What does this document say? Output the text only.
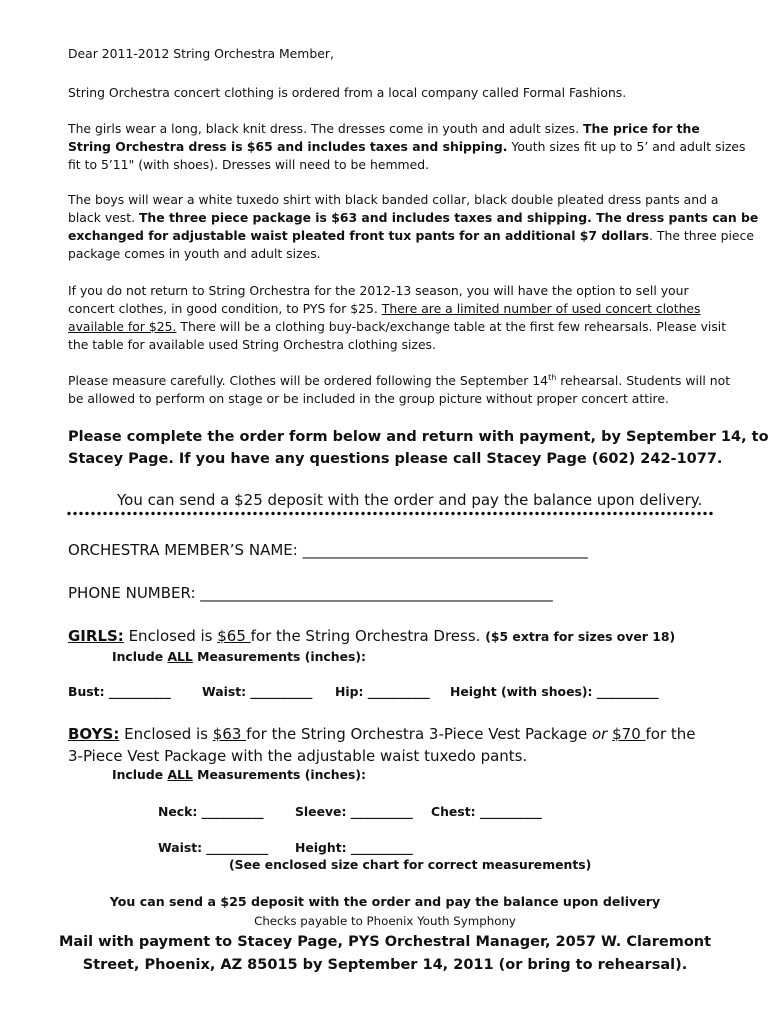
Dear 2011-2012 String Orchestra Member,
String Orchestra concert clothing is ordered from a local company called Formal Fashions.
The girls wear a long, black knit dress. The dresses come in youth and adult sizes. The price for the
String Orchestra dress is $65 and includes taxes and shipping. Youth sizes fit up to 5’ and adult sizes
fit to 5’11" (with shoes). Dresses will need to be hemmed.
The boys will wear a white tuxedo shirt with black banded collar, black double pleated dress pants and a
black vest. The three piece package is $63 and includes taxes and shipping. The dress pants can be
exchanged for adjustable waist pleated front tux pants for an additional $7 dollars. The three piece
package comes in youth and adult sizes.
If you do not return to String Orchestra for the 2012-13 season, you will have the option to sell your
concert clothes, in good condition, to PYS for $25. There are a limited number of used concert clothes
available for $25. There will be a clothing buy-back/exchange table at the first few rehearsals. Please visit
the table for available used String Orchestra clothing sizes.
Please measure carefully. Clothes will be ordered following the September 14th rehearsal. Students will not
be allowed to perform on stage or be included in the group picture without proper concert attire.
Please complete the order form below and return with payment, by September 14, to
Stacey Page. If you have any questions please call Stacey Page (602) 242-1077.
You can send a $25 deposit with the order and pay the balance upon delivery.
ORCHESTRA MEMBER’S NAME: ______________________________________
PHONE NUMBER: _______________________________________________
GIRLS: Enclosed is $65 for the String Orchestra Dress. ($5 extra for sizes over 18)
Include ALL Measurements (inches):
Bust: __________	Waist: __________ Hip: __________ Height (with shoes): __________
BOYS: Enclosed is $63 for the String Orchestra 3-Piece Vest Package or $70 for the
3-Piece Vest Package with the adjustable waist tuxedo pants.
Include ALL Measurements (inches):
Neck: __________	Sleeve: __________ Chest: __________
Waist: __________ Height: __________
(See enclosed size chart for correct measurements)
You can send a $25 deposit with the order and pay the balance upon delivery
Checks payable to Phoenix Youth Symphony
Mail with payment to Stacey Page, PYS Orchestral Manager, 2057 W. Claremont
Street, Phoenix, AZ 85015 by September 14, 2011 (or bring to rehearsal).
